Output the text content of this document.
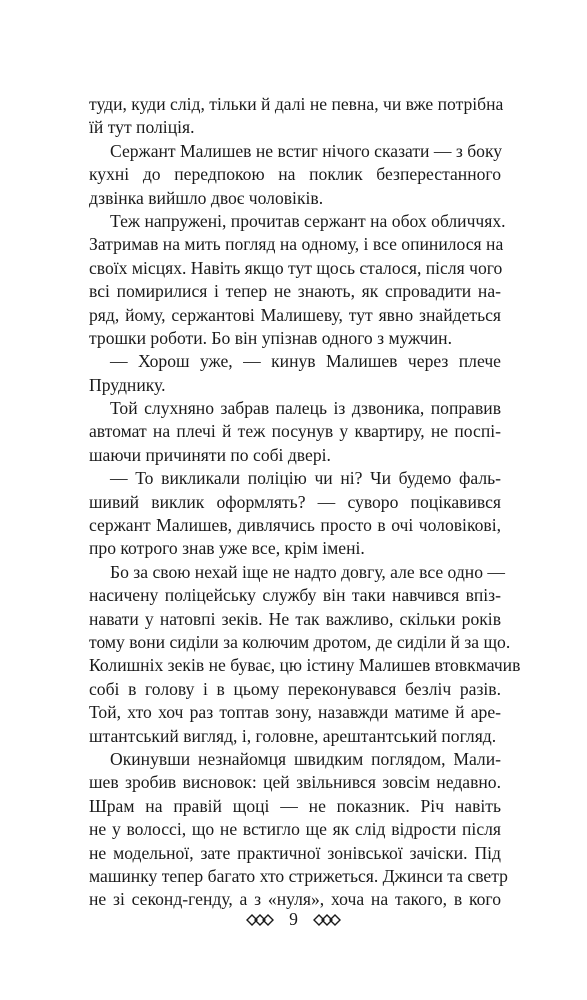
туди, куди слід, тільки й далі не певна, чи вже потрібна
їй тут поліція.
Сержант Малишев не встиг нічого сказати — з боку
кухні до передпокою на поклик безперестанного
дзвінка вийшло двоє чоловіків.
Теж напружені, прочитав сержант на обох обличчях.
Затримав на мить погляд на одному, і все опинилося на
своїх місцях. Навіть якщо тут щось сталося, після чого
всі помирилися і тепер не знають, як спровадити на-
ряд, йому, сержантові Малишеву, тут явно знайдеться
трошки роботи. Бо він упізнав одного з мужчин.
— Хорош уже, — кинув Малишев через плече
Пруднику.
Той слухняно забрав палець із дзвоника, поправив
автомат на плечі й теж посунув у квартиру, не поспі-
шаючи причиняти по собі двері.
— То викликали поліцію чи ні? Чи будемо фаль-
шивий виклик оформлять? — суворо поцікавився
сержант Малишев, дивлячись просто в очі чоловікові,
про котрого знав уже все, крім імені.
Бо за свою нехай іще не надто довгу, але все одно —
насичену поліцейську службу він таки навчився впіз-
навати у натовпі зеків. Не так важливо, скільки років
тому вони сиділи за колючим дротом, де сиділи й за що.
Колишніх зеків не буває, цю істину Малишев втовкмачив
собі в голову і в цьому переконувався безліч разів.
Той, хто хоч раз топтав зону, назавжди матиме й аре-
штантський вигляд, і, головне, арештантський погляд.
Окинувши незнайомця швидким поглядом, Мали-
шев зробив висновок: цей звільнився зовсім недавно.
Шрам на правій щоці — не показник. Річ навіть
не у волоссі, що не встигло ще як слід відрости після
не модельної, зате практичної зонівської зачіски. Під
машинку тепер багато хто стрижеться. Джинси та светр
не зі секонд-генду, а з «нуля», хоча на такого, в кого
9
